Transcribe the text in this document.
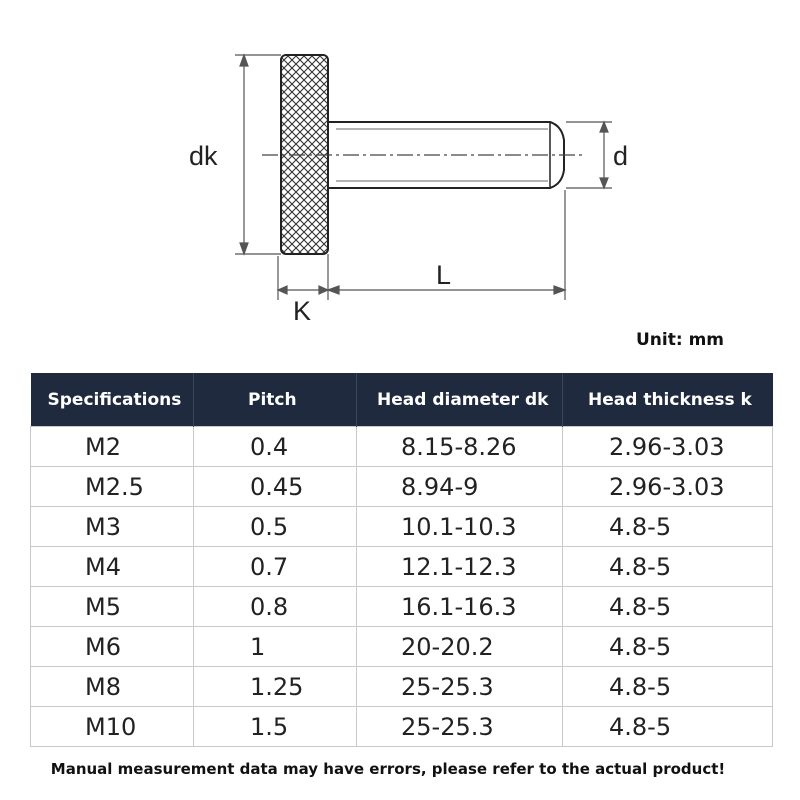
dk	d
L
K
Unit: mm
Specifications	Pitch	Head diameter dk	Head thickness k
M2	0.4	8.15-8.26	2.96-3.03
M2.5	0.45	8.94-9	2.96-3.03
M3	0.5	10.1-10.3	4.8-5
M4	0.7	12.1-12.3	4.8-5
M5	0.8	16.1-16.3	4.8-5
M6	1	20-20.2	4.8-5
M8	1.25	25-25.3	4.8-5
M10	1.5	25-25.3	4.8-5
Manual measurement data may have errors, please refer to the actual product!
